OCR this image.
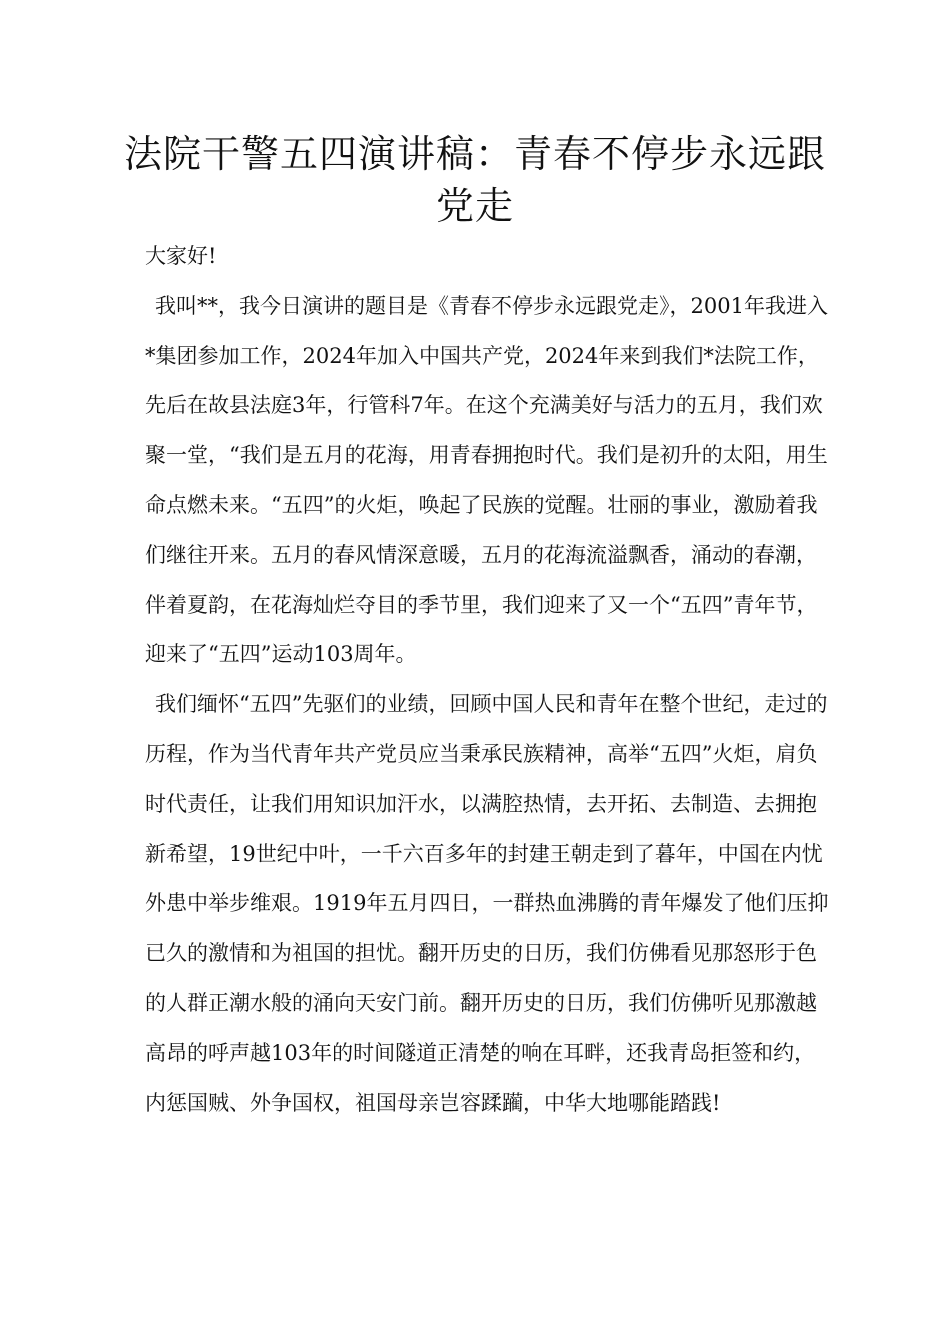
法院干警五四演讲稿：青春不停步永远跟党走

大家好!

我叫**，我今日演讲的题目是《青春不停步永远跟党走》，2001年我进入*集团参加工作，2024年加入中国共产党，2024年来到我们*法院工作，先后在故县法庭3年，行管科7年。在这个充满美好与活力的五月，我们欢聚一堂，“我们是五月的花海，用青春拥抱时代。我们是初升的太阳，用生命点燃未来。“五四”的火炬，唤起了民族的觉醒。壮丽的事业，激励着我们继往开来。五月的春风情深意暖，五月的花海流溢飘香，涌动的春潮，伴着夏韵，在花海灿烂夺目的季节里，我们迎来了又一个“五四”青年节，迎来了“五四”运动103周年。

我们缅怀“五四”先驱们的业绩，回顾中国人民和青年在整个世纪，走过的历程，作为当代青年共产党员应当秉承民族精神，高举“五四”火炬，肩负时代责任，让我们用知识加汗水，以满腔热情，去开拓、去制造、去拥抱新希望，19世纪中叶，一千六百多年的封建王朝走到了暮年，中国在内忧外患中举步维艰。1919年五月四日，一群热血沸腾的青年爆发了他们压抑已久的激情和为祖国的担忧。翻开历史的日历，我们仿佛看见那怒形于色的人群正潮水般的涌向天安门前。翻开历史的日历，我们仿佛听见那激越高昂的呼声越103年的时间隧道正清楚的响在耳畔，还我青岛拒签和约，内惩国贼、外争国权，祖国母亲岂容蹂躏，中华大地哪能踏践!
